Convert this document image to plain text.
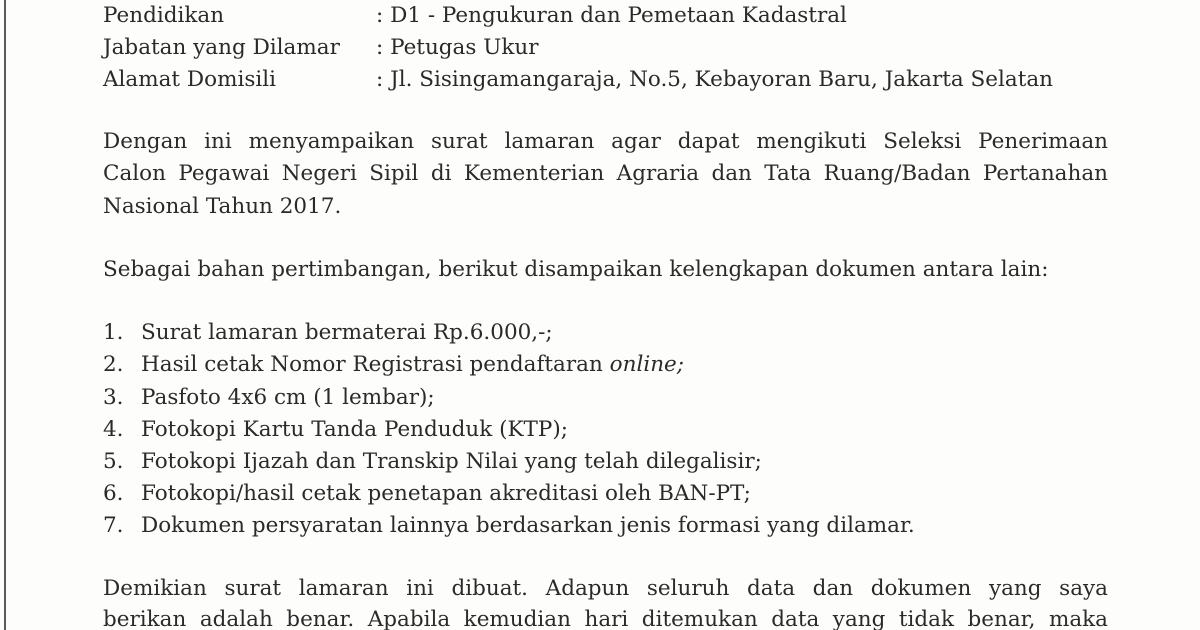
Pendidikan	: D1 - Pengukuran dan Pemetaan Kadastral
Jabatan yang Dilamar : Petugas Ukur
Alamat Domisili	: Jl. Sisingamangaraja, No.5, Kebayoran Baru, Jakarta Selatan
Dengan ini menyampaikan surat lamaran agar dapat mengikuti Seleksi Penerimaan
Calon Pegawai Negeri Sipil di Kementerian Agraria dan Tata Ruang/Badan Pertanahan
Nasional Tahun 2017.
Sebagai bahan pertimbangan, berikut disampaikan kelengkapan dokumen antara lain:
1. Surat lamaran bermaterai Rp.6.000,-;
2. Hasil cetak Nomor Registrasi pendaftaran online;
3. Pasfoto 4x6 cm (1 lembar);
4. Fotokopi Kartu Tanda Penduduk (KTP);
5. Fotokopi Ijazah dan Transkip Nilai yang telah dilegalisir;
6. Fotokopi/hasil cetak penetapan akreditasi oleh BAN-PT;
7. Dokumen persyaratan lainnya berdasarkan jenis formasi yang dilamar.
Demikian surat lamaran ini dibuat. Adapun seluruh data dan dokumen yang saya
berikan adalah benar. Apabila kemudian hari ditemukan data yang tidak benar, maka
